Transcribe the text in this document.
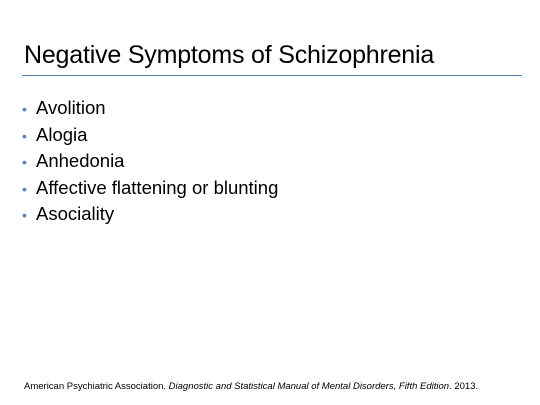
Negative Symptoms of Schizophrenia
• Avolition
• Alogia
• Anhedonia
• Affective flattening or blunting
• Asociality

American Psychiatric Association. Diagnostic and Statistical Manual of Mental Disorders, Fifth Edition. 2013.
